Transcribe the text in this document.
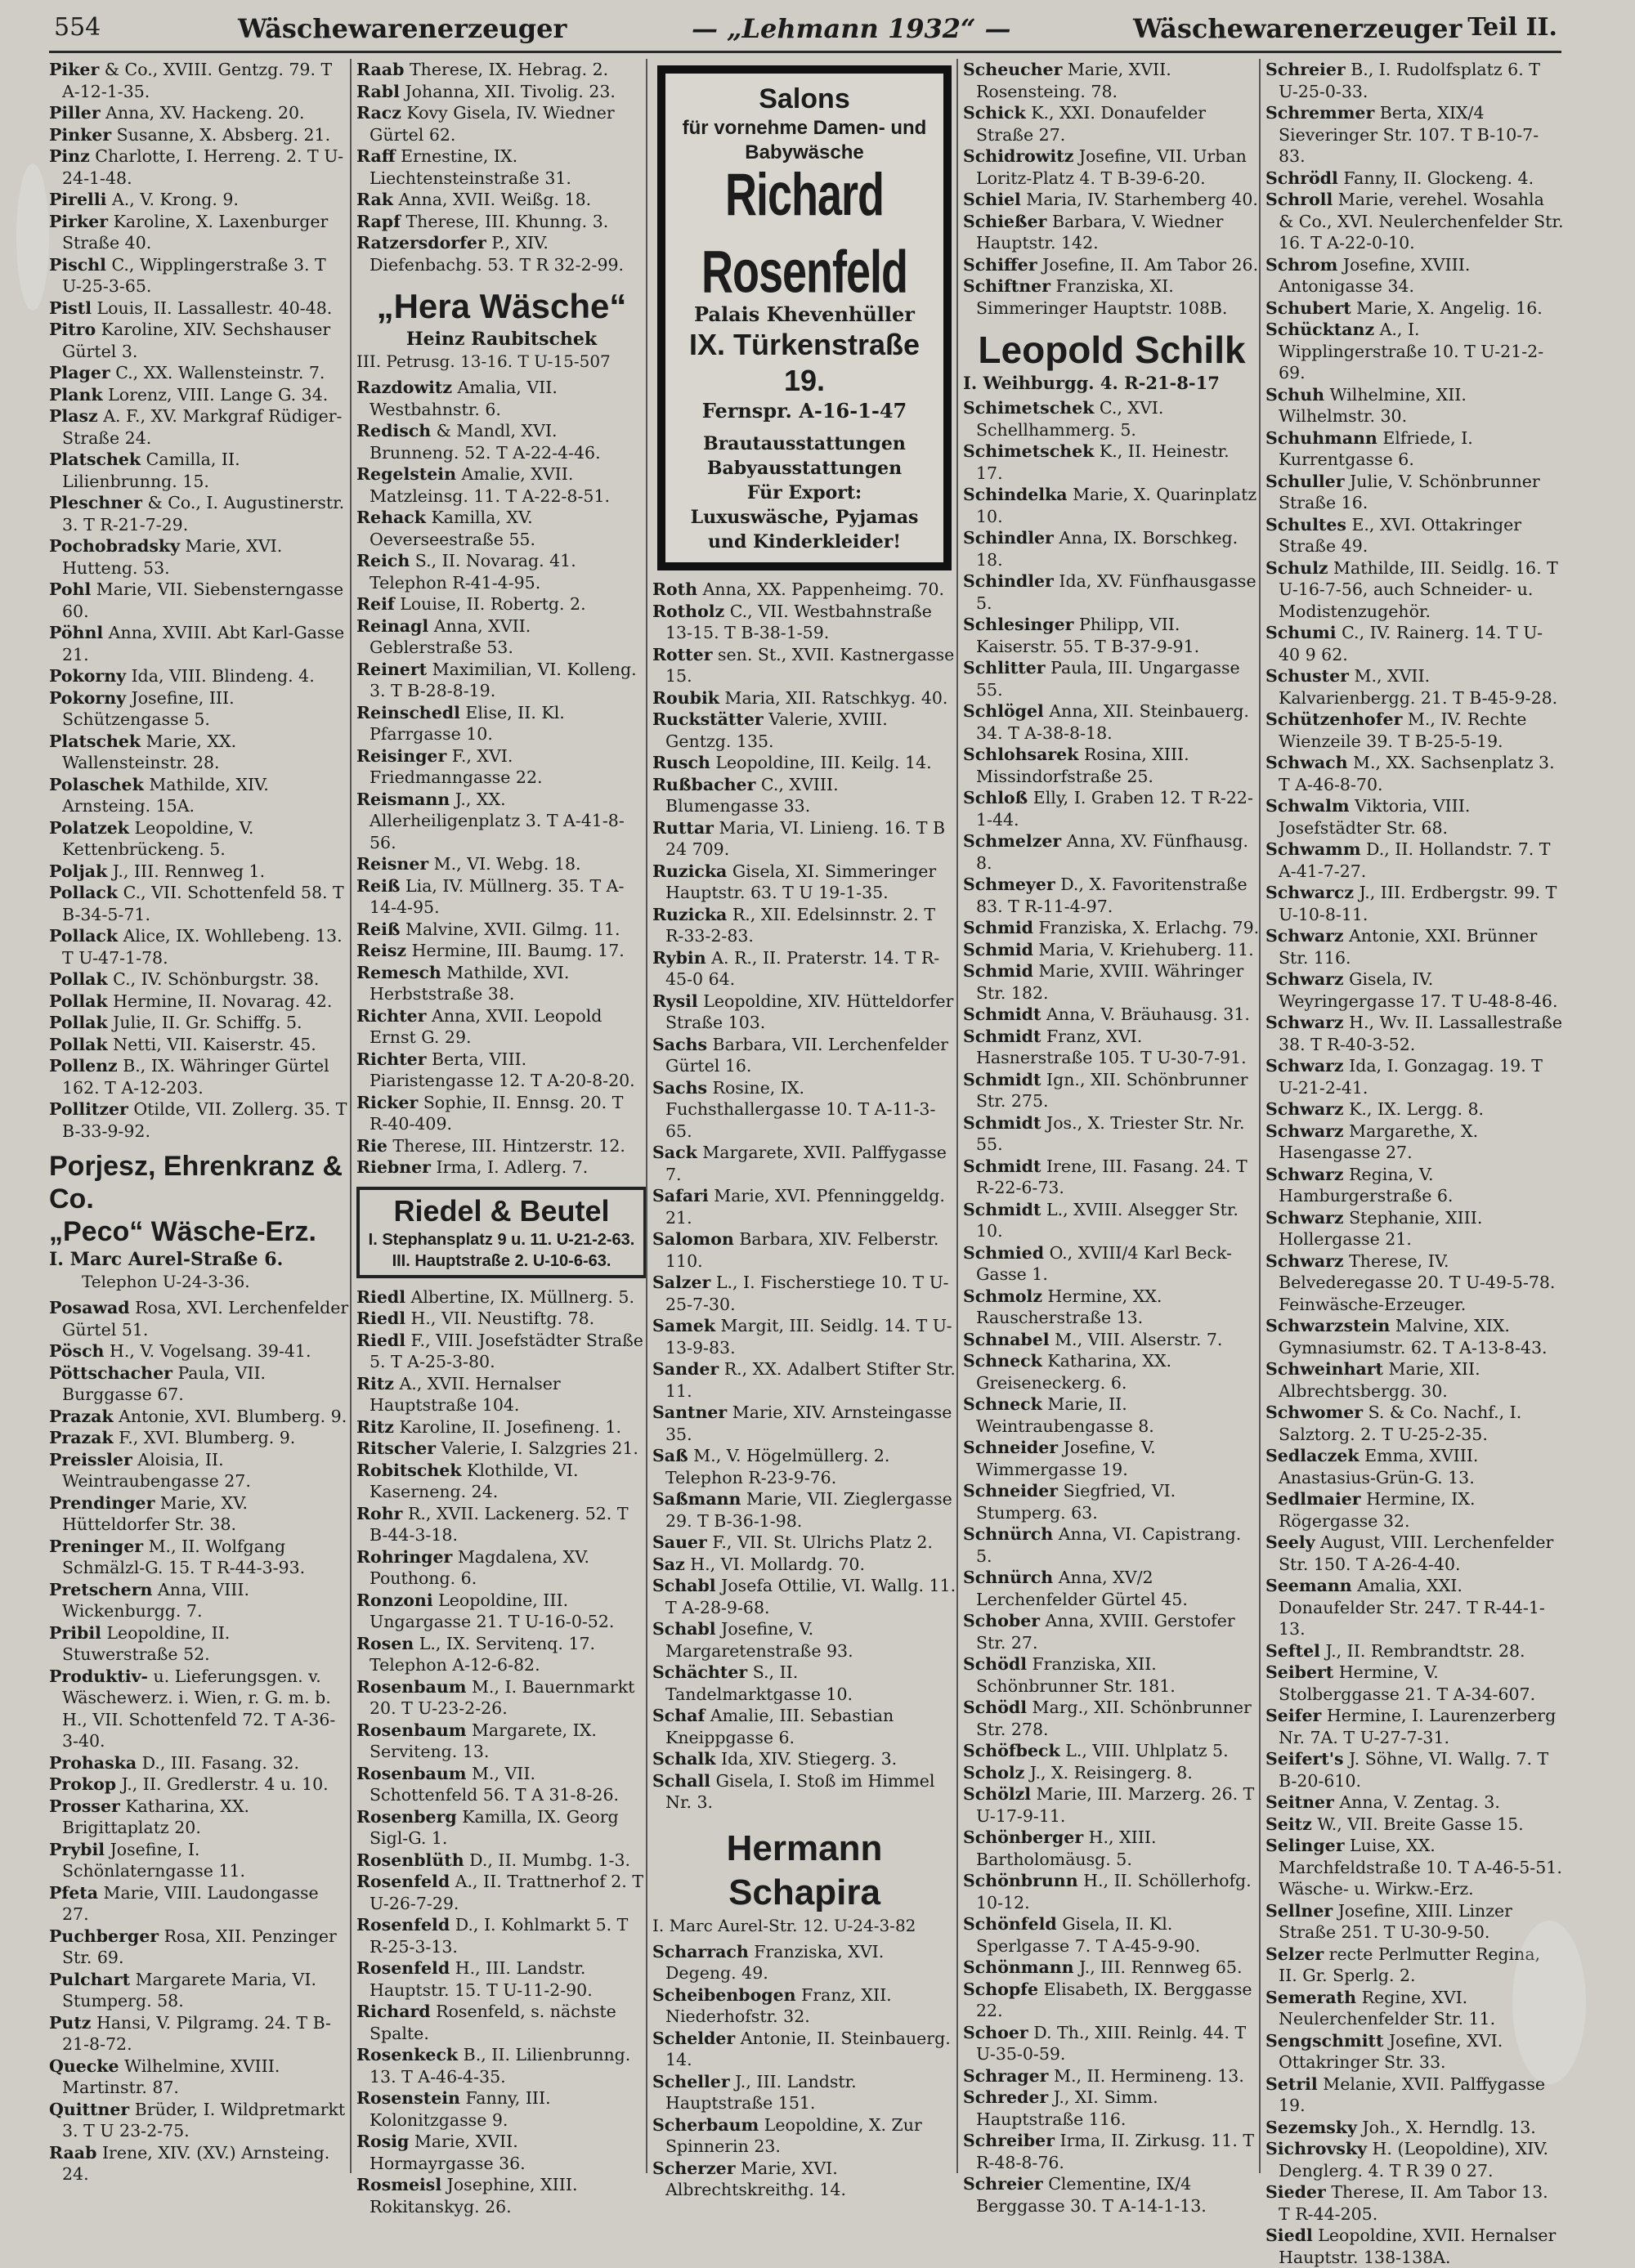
554	Wäschewarenerzeuger	— „Lehmann 1932“ —	Wäschewarenerzeuger Teil II.
Piker & Co., XVIII. Gentzg. 79. T A-12-1-35.
Piller Anna, XV. Hackeng. 20.
Pinker Susanne, X. Absberg. 21.
Pinz Charlotte, I. Herreng. 2. T U-24-1-48.
Pirelli A., V. Krong. 9.
Pirker Karoline, X. Laxenburger Straße 40.
Pischl C., Wipplingerstraße 3. T U-25-3-65.
Pistl Louis, II. Lassallestr. 40-48.
Pitro Karoline, XIV. Sechshauser Gürtel 3.
Plager C., XX. Wallensteinstr. 7.
Plank Lorenz, VIII. Lange G. 34.
Plasz A. F., XV. Markgraf Rüdiger-Straße 24.
Platschek Camilla, II. Lilienbrunng. 15.
Pleschner & Co., I. Augustinerstr. 3. T R-21-7-29.
Pochobradsky Marie, XVI. Hutteng. 53.
Pohl Marie, VII. Siebensterngasse 60.
Pöhnl Anna, XVIII. Abt Karl-Gasse 21.
Pokorny Ida, VIII. Blindeng. 4.
Pokorny Josefine, III. Schützengasse 5.
Platschek Marie, XX. Wallensteinstr. 28.
Polaschek Mathilde, XIV. Arnsteing. 15A.
Polatzek Leopoldine, V. Kettenbrückeng. 5.
Poljak J., III. Rennweg 1.
Pollack C., VII. Schottenfeld 58. T B-34-5-71.
Pollack Alice, IX. Wohllebeng. 13. T U-47-1-78.
Pollak C., IV. Schönburgstr. 38.
Pollak Hermine, II. Novarag. 42.
Pollak Julie, II. Gr. Schiffg. 5.
Pollak Netti, VII. Kaiserstr. 45.
Pollenz B., IX. Währinger Gürtel 162. T A-12-203.
Pollitzer Otilde, VII. Zollerg. 35. T B-33-9-92.
Porjesz, Ehrenkranz & Co.
„Peco“ Wäsche-Erz.
I. Marc Aurel-Straße 6.
Telephon U-24-3-36.
Posawad Rosa, XVI. Lerchenfelder Gürtel 51.
Pösch H., V. Vogelsang. 39-41.
Pöttschacher Paula, VII. Burggasse 67.
Prazak Antonie, XVI. Blumberg. 9.
Prazak F., XVI. Blumberg. 9.
Preissler Aloisia, II. Weintraubengasse 27.
Prendinger Marie, XV. Hütteldorfer Str. 38.
Preninger M., II. Wolfgang Schmälzl-G. 15. T R-44-3-93.
Pretschern Anna, VIII. Wickenburgg. 7.
Pribil Leopoldine, II. Stuwerstraße 52.
Produktiv- u. Lieferungsgen. v. Wäschewerz. i. Wien, r. G. m. b. H., VII. Schottenfeld 72. T A-36-3-40.
Prohaska D., III. Fasang. 32.
Prokop J., II. Gredlerstr. 4 u. 10.
Prosser Katharina, XX. Brigittaplatz 20.
Prybil Josefine, I. Schönlaterngasse 11.
Pfeta Marie, VIII. Laudongasse 27.
Puchberger Rosa, XII. Penzinger Str. 69.
Pulchart Margarete Maria, VI. Stumperg. 58.
Putz Hansi, V. Pilgramg. 24. T B-21-8-72.
Quecke Wilhelmine, XVIII. Martinstr. 87.
Quittner Brüder, I. Wildpretmarkt 3. T U 23-2-75.
Raab Irene, XIV. (XV.) Arnsteing. 24.
Raab Therese, IX. Hebrag. 2.
Rabl Johanna, XII. Tivolig. 23.
Racz Kovy Gisela, IV. Wiedner Gürtel 62.
Raff Ernestine, IX. Liechtensteinstraße 31.
Rak Anna, XVII. Weißg. 18.
Rapf Therese, III. Khunng. 3.
Ratzersdorfer P., XIV. Diefenbachg. 53. T R 32-2-99.
„Hera Wäsche“
Heinz Raubitschek
III. Petrusg. 13-16. T U-15-507
Razdowitz Amalia, VII. Westbahnstr. 6.
Redisch & Mandl, XVI. Brunneng. 52. T A-22-4-46.
Regelstein Amalie, XVII. Matzleinsg. 11. T A-22-8-51.
Rehack Kamilla, XV. Oeverseestraße 55.
Reich S., II. Novarag. 41. Telephon R-41-4-95.
Reif Louise, II. Robertg. 2.
Reinagl Anna, XVII. Geblerstraße 53.
Reinert Maximilian, VI. Kolleng. 3. T B-28-8-19.
Reinschedl Elise, II. Kl. Pfarrgasse 10.
Reisinger F., XVI. Friedmanngasse 22.
Reismann J., XX. Allerheiligenplatz 3. T A-41-8-56.
Reisner M., VI. Webg. 18.
Reiß Lia, IV. Müllnerg. 35. T A-14-4-95.
Reiß Malvine, XVII. Gilmg. 11.
Reisz Hermine, III. Baumg. 17.
Remesch Mathilde, XVI. Herbststraße 38.
Richter Anna, XVII. Leopold Ernst G. 29.
Richter Berta, VIII. Piaristengasse 12. T A-20-8-20.
Ricker Sophie, II. Ennsg. 20. T R-40-409.
Rie Therese, III. Hintzerstr. 12.
Riebner Irma, I. Adlerg. 7.
Riedel & Beutel
I. Stephansplatz 9 u. 11. U-21-2-63.
III. Hauptstraße 2. U-10-6-63.
Riedl Albertine, IX. Müllnerg. 5.
Riedl H., VII. Neustiftg. 78.
Riedl F., VIII. Josefstädter Straße 5. T A-25-3-80.
Ritz A., XVII. Hernalser Hauptstraße 104.
Ritz Karoline, II. Josefineng. 1.
Ritscher Valerie, I. Salzgries 21.
Robitschek Klothilde, VI. Kaserneng. 24.
Rohr R., XVII. Lackenerg. 52. T B-44-3-18.
Rohringer Magdalena, XV. Pouthong. 6.
Ronzoni Leopoldine, III. Ungargasse 21. T U-16-0-52.
Rosen L., IX. Servitenq. 17. Telephon A-12-6-82.
Rosenbaum M., I. Bauernmarkt 20. T U-23-2-26.
Rosenbaum Margarete, IX. Serviteng. 13.
Rosenbaum M., VII. Schottenfeld 56. T A 31-8-26.
Rosenberg Kamilla, IX. Georg Sigl-G. 1.
Rosenblüth D., II. Mumbg. 1-3.
Rosenfeld A., II. Trattnerhof 2. T U-26-7-29.
Rosenfeld D., I. Kohlmarkt 5. T R-25-3-13.
Rosenfeld H., III. Landstr. Hauptstr. 15. T U-11-2-90.
Richard Rosenfeld, s. nächste Spalte.
Rosenkeck B., II. Lilienbrunng. 13. T A-46-4-35.
Rosenstein Fanny, III. Kolonitzgasse 9.
Rosig Marie, XVII. Hormayrgasse 36.
Rosmeisl Josephine, XIII. Rokitanskyg. 26.
Salons
für vornehme Damen- und Babywäsche
Richard Rosenfeld
Palais Khevenhüller
IX. Türkenstraße 19.
Fernspr. A-16-1-47
Brautausstattungen Babyausstattungen
Für Export:
Luxuswäsche, Pyjamas und Kinderkleider!
Roth Anna, XX. Pappenheimg. 70.
Rotholz C., VII. Westbahnstraße 13-15. T B-38-1-59.
Rotter sen. St., XVII. Kastnergasse 15.
Roubik Maria, XII. Ratschkyg. 40.
Ruckstätter Valerie, XVIII. Gentzg. 135.
Rusch Leopoldine, III. Keilg. 14.
Rußbacher C., XVIII. Blumengasse 33.
Ruttar Maria, VI. Linieng. 16. T B 24 709.
Ruzicka Gisela, XI. Simmeringer Hauptstr. 63. T U 19-1-35.
Ruzicka R., XII. Edelsinnstr. 2. T R-33-2-83.
Rybin A. R., II. Praterstr. 14. T R-45-0 64.
Rysil Leopoldine, XIV. Hütteldorfer Straße 103.
Sachs Barbara, VII. Lerchenfelder Gürtel 16.
Sachs Rosine, IX. Fuchsthallergasse 10. T A-11-3-65.
Sack Margarete, XVII. Palffygasse 7.
Safari Marie, XVI. Pfenninggeldg. 21.
Salomon Barbara, XIV. Felberstr. 110.
Salzer L., I. Fischerstiege 10. T U-25-7-30.
Samek Margit, III. Seidlg. 14. T U-13-9-83.
Sander R., XX. Adalbert Stifter Str. 11.
Santner Marie, XIV. Arnsteingasse 35.
Saß M., V. Högelmüllerg. 2. Telephon R-23-9-76.
Saßmann Marie, VII. Zieglergasse 29. T B-36-1-98.
Sauer F., VII. St. Ulrichs Platz 2.
Saz H., VI. Mollardg. 70.
Schabl Josefa Ottilie, VI. Wallg. 11. T A-28-9-68.
Schabl Josefine, V. Margaretenstraße 93.
Schächter S., II. Tandelmarktgasse 10.
Schaf Amalie, III. Sebastian Kneippgasse 6.
Schalk Ida, XIV. Stiegerg. 3.
Schall Gisela, I. Stoß im Himmel Nr. 3.
Hermann Schapira
I. Marc Aurel-Str. 12. U-24-3-82
Scharrach Franziska, XVI. Degeng. 49.
Scheibenbogen Franz, XII. Niederhofstr. 32.
Schelder Antonie, II. Steinbauerg. 14.
Scheller J., III. Landstr. Hauptstraße 151.
Scherbaum Leopoldine, X. Zur Spinnerin 23.
Scherzer Marie, XVI. Albrechtskreithg. 14.
Scheucher Marie, XVII. Rosensteing. 78.
Schick K., XXI. Donaufelder Straße 27.
Schidrowitz Josefine, VII. Urban Loritz-Platz 4. T B-39-6-20.
Schiel Maria, IV. Starhemberg 40.
Schießer Barbara, V. Wiedner Hauptstr. 142.
Schiffer Josefine, II. Am Tabor 26.
Schiftner Franziska, XI. Simmeringer Hauptstr. 108B.
Leopold Schilk
I. Weihburgg. 4. R-21-8-17
Schimetschek C., XVI. Schellhammerg. 5.
Schimetschek K., II. Heinestr. 17.
Schindelka Marie, X. Quarinplatz 10.
Schindler Anna, IX. Borschkeg. 18.
Schindler Ida, XV. Fünfhausgasse 5.
Schlesinger Philipp, VII. Kaiserstr. 55. T B-37-9-91.
Schlitter Paula, III. Ungargasse 55.
Schlögel Anna, XII. Steinbauerg. 34. T A-38-8-18.
Schlohsarek Rosina, XIII. Missindorfstraße 25.
Schloß Elly, I. Graben 12. T R-22-1-44.
Schmelzer Anna, XV. Fünfhausg. 8.
Schmeyer D., X. Favoritenstraße 83. T R-11-4-97.
Schmid Franziska, X. Erlachg. 79.
Schmid Maria, V. Kriehuberg. 11.
Schmid Marie, XVIII. Währinger Str. 182.
Schmidt Anna, V. Bräuhausg. 31.
Schmidt Franz, XVI. Hasnerstraße 105. T U-30-7-91.
Schmidt Ign., XII. Schönbrunner Str. 275.
Schmidt Jos., X. Triester Str. Nr. 55.
Schmidt Irene, III. Fasang. 24. T R-22-6-73.
Schmidt L., XVIII. Alsegger Str. 10.
Schmied O., XVIII/4 Karl Beck-Gasse 1.
Schmolz Hermine, XX. Rauscherstraße 13.
Schnabel M., VIII. Alserstr. 7.
Schneck Katharina, XX. Greiseneckerg. 6.
Schneck Marie, II. Weintraubengasse 8.
Schneider Josefine, V. Wimmergasse 19.
Schneider Siegfried, VI. Stumperg. 63.
Schnürch Anna, VI. Capistrang. 5.
Schnürch Anna, XV/2 Lerchenfelder Gürtel 45.
Schober Anna, XVIII. Gerstofer Str. 27.
Schödl Franziska, XII. Schönbrunner Str. 181.
Schödl Marg., XII. Schönbrunner Str. 278.
Schöfbeck L., VIII. Uhlplatz 5.
Scholz J., X. Reisingerg. 8.
Schölzl Marie, III. Marzerg. 26. T U-17-9-11.
Schönberger H., XIII. Bartholomäusg. 5.
Schönbrunn H., II. Schöllerhofg. 10-12.
Schönfeld Gisela, II. Kl. Sperlgasse 7. T A-45-9-90.
Schönmann J., III. Rennweg 65.
Schopfe Elisabeth, IX. Berggasse 22.
Schoer D. Th., XIII. Reinlg. 44. T U-35-0-59.
Schrager M., II. Hermineng. 13.
Schreder J., XI. Simm. Hauptstraße 116.
Schreiber Irma, II. Zirkusg. 11. T R-48-8-76.
Schreier Clementine, IX/4 Berggasse 30. T A-14-1-13.
Schreier B., I. Rudolfsplatz 6. T U-25-0-33.
Schremmer Berta, XIX/4 Sieveringer Str. 107. T B-10-7-83.
Schrödl Fanny, II. Glockeng. 4.
Schroll Marie, verehel. Wosahla & Co., XVI. Neulerchenfelder Str. 16. T A-22-0-10.
Schrom Josefine, XVIII. Antonigasse 34.
Schubert Marie, X. Angelig. 16.
Schücktanz A., I. Wipplingerstraße 10. T U-21-2-69.
Schuh Wilhelmine, XII. Wilhelmstr. 30.
Schuhmann Elfriede, I. Kurrentgasse 6.
Schuller Julie, V. Schönbrunner Straße 16.
Schultes E., XVI. Ottakringer Straße 49.
Schulz Mathilde, III. Seidlg. 16. T U-16-7-56, auch Schneider- u. Modistenzugehör.
Schumi C., IV. Rainerg. 14. T U-40 9 62.
Schuster M., XVII. Kalvarienbergg. 21. T B-45-9-28.
Schützenhofer M., IV. Rechte Wienzeile 39. T B-25-5-19.
Schwach M., XX. Sachsenplatz 3. T A-46-8-70.
Schwalm Viktoria, VIII. Josefstädter Str. 68.
Schwamm D., II. Hollandstr. 7. T A-41-7-27.
Schwarcz J., III. Erdbergstr. 99. T U-10-8-11.
Schwarz Antonie, XXI. Brünner Str. 116.
Schwarz Gisela, IV. Weyringergasse 17. T U-48-8-46.
Schwarz H., Wv. II. Lassallestraße 38. T R-40-3-52.
Schwarz Ida, I. Gonzagag. 19. T U-21-2-41.
Schwarz K., IX. Lergg. 8.
Schwarz Margarethe, X. Hasengasse 27.
Schwarz Regina, V. Hamburgerstraße 6.
Schwarz Stephanie, XIII. Hollergasse 21.
Schwarz Therese, IV. Belvederegasse 20. T U-49-5-78. Feinwäsche-Erzeuger.
Schwarzstein Malvine, XIX. Gymnasiumstr. 62. T A-13-8-43.
Schweinhart Marie, XII. Albrechtsbergg. 30.
Schwomer S. & Co. Nachf., I. Salztorg. 2. T U-25-2-35.
Sedlaczek Emma, XVIII. Anastasius-Grün-G. 13.
Sedlmaier Hermine, IX. Rögergasse 32.
Seely August, VIII. Lerchenfelder Str. 150. T A-26-4-40.
Seemann Amalia, XXI. Donaufelder Str. 247. T R-44-1-13.
Seftel J., II. Rembrandtstr. 28.
Seibert Hermine, V. Stolberggasse 21. T A-34-607.
Seifer Hermine, I. Laurenzerberg Nr. 7A. T U-27-7-31.
Seifert's J. Söhne, VI. Wallg. 7. T B-20-610.
Seitner Anna, V. Zentag. 3.
Seitz W., VII. Breite Gasse 15.
Selinger Luise, XX. Marchfeldstraße 10. T A-46-5-51. Wäsche- u. Wirkw.-Erz.
Sellner Josefine, XIII. Linzer Straße 251. T U-30-9-50.
Selzer recte Perlmutter Regina, II. Gr. Sperlg. 2.
Semerath Regine, XVI. Neulerchenfelder Str. 11.
Sengschmitt Josefine, XVI. Ottakringer Str. 33.
Setril Melanie, XVII. Palffygasse 19.
Sezemsky Joh., X. Herndlg. 13.
Sichrovsky H. (Leopoldine), XIV. Denglerg. 4. T R 39 0 27.
Sieder Therese, II. Am Tabor 13. T R-44-205.
Siedl Leopoldine, XVII. Hernalser Hauptstr. 138-138A.
